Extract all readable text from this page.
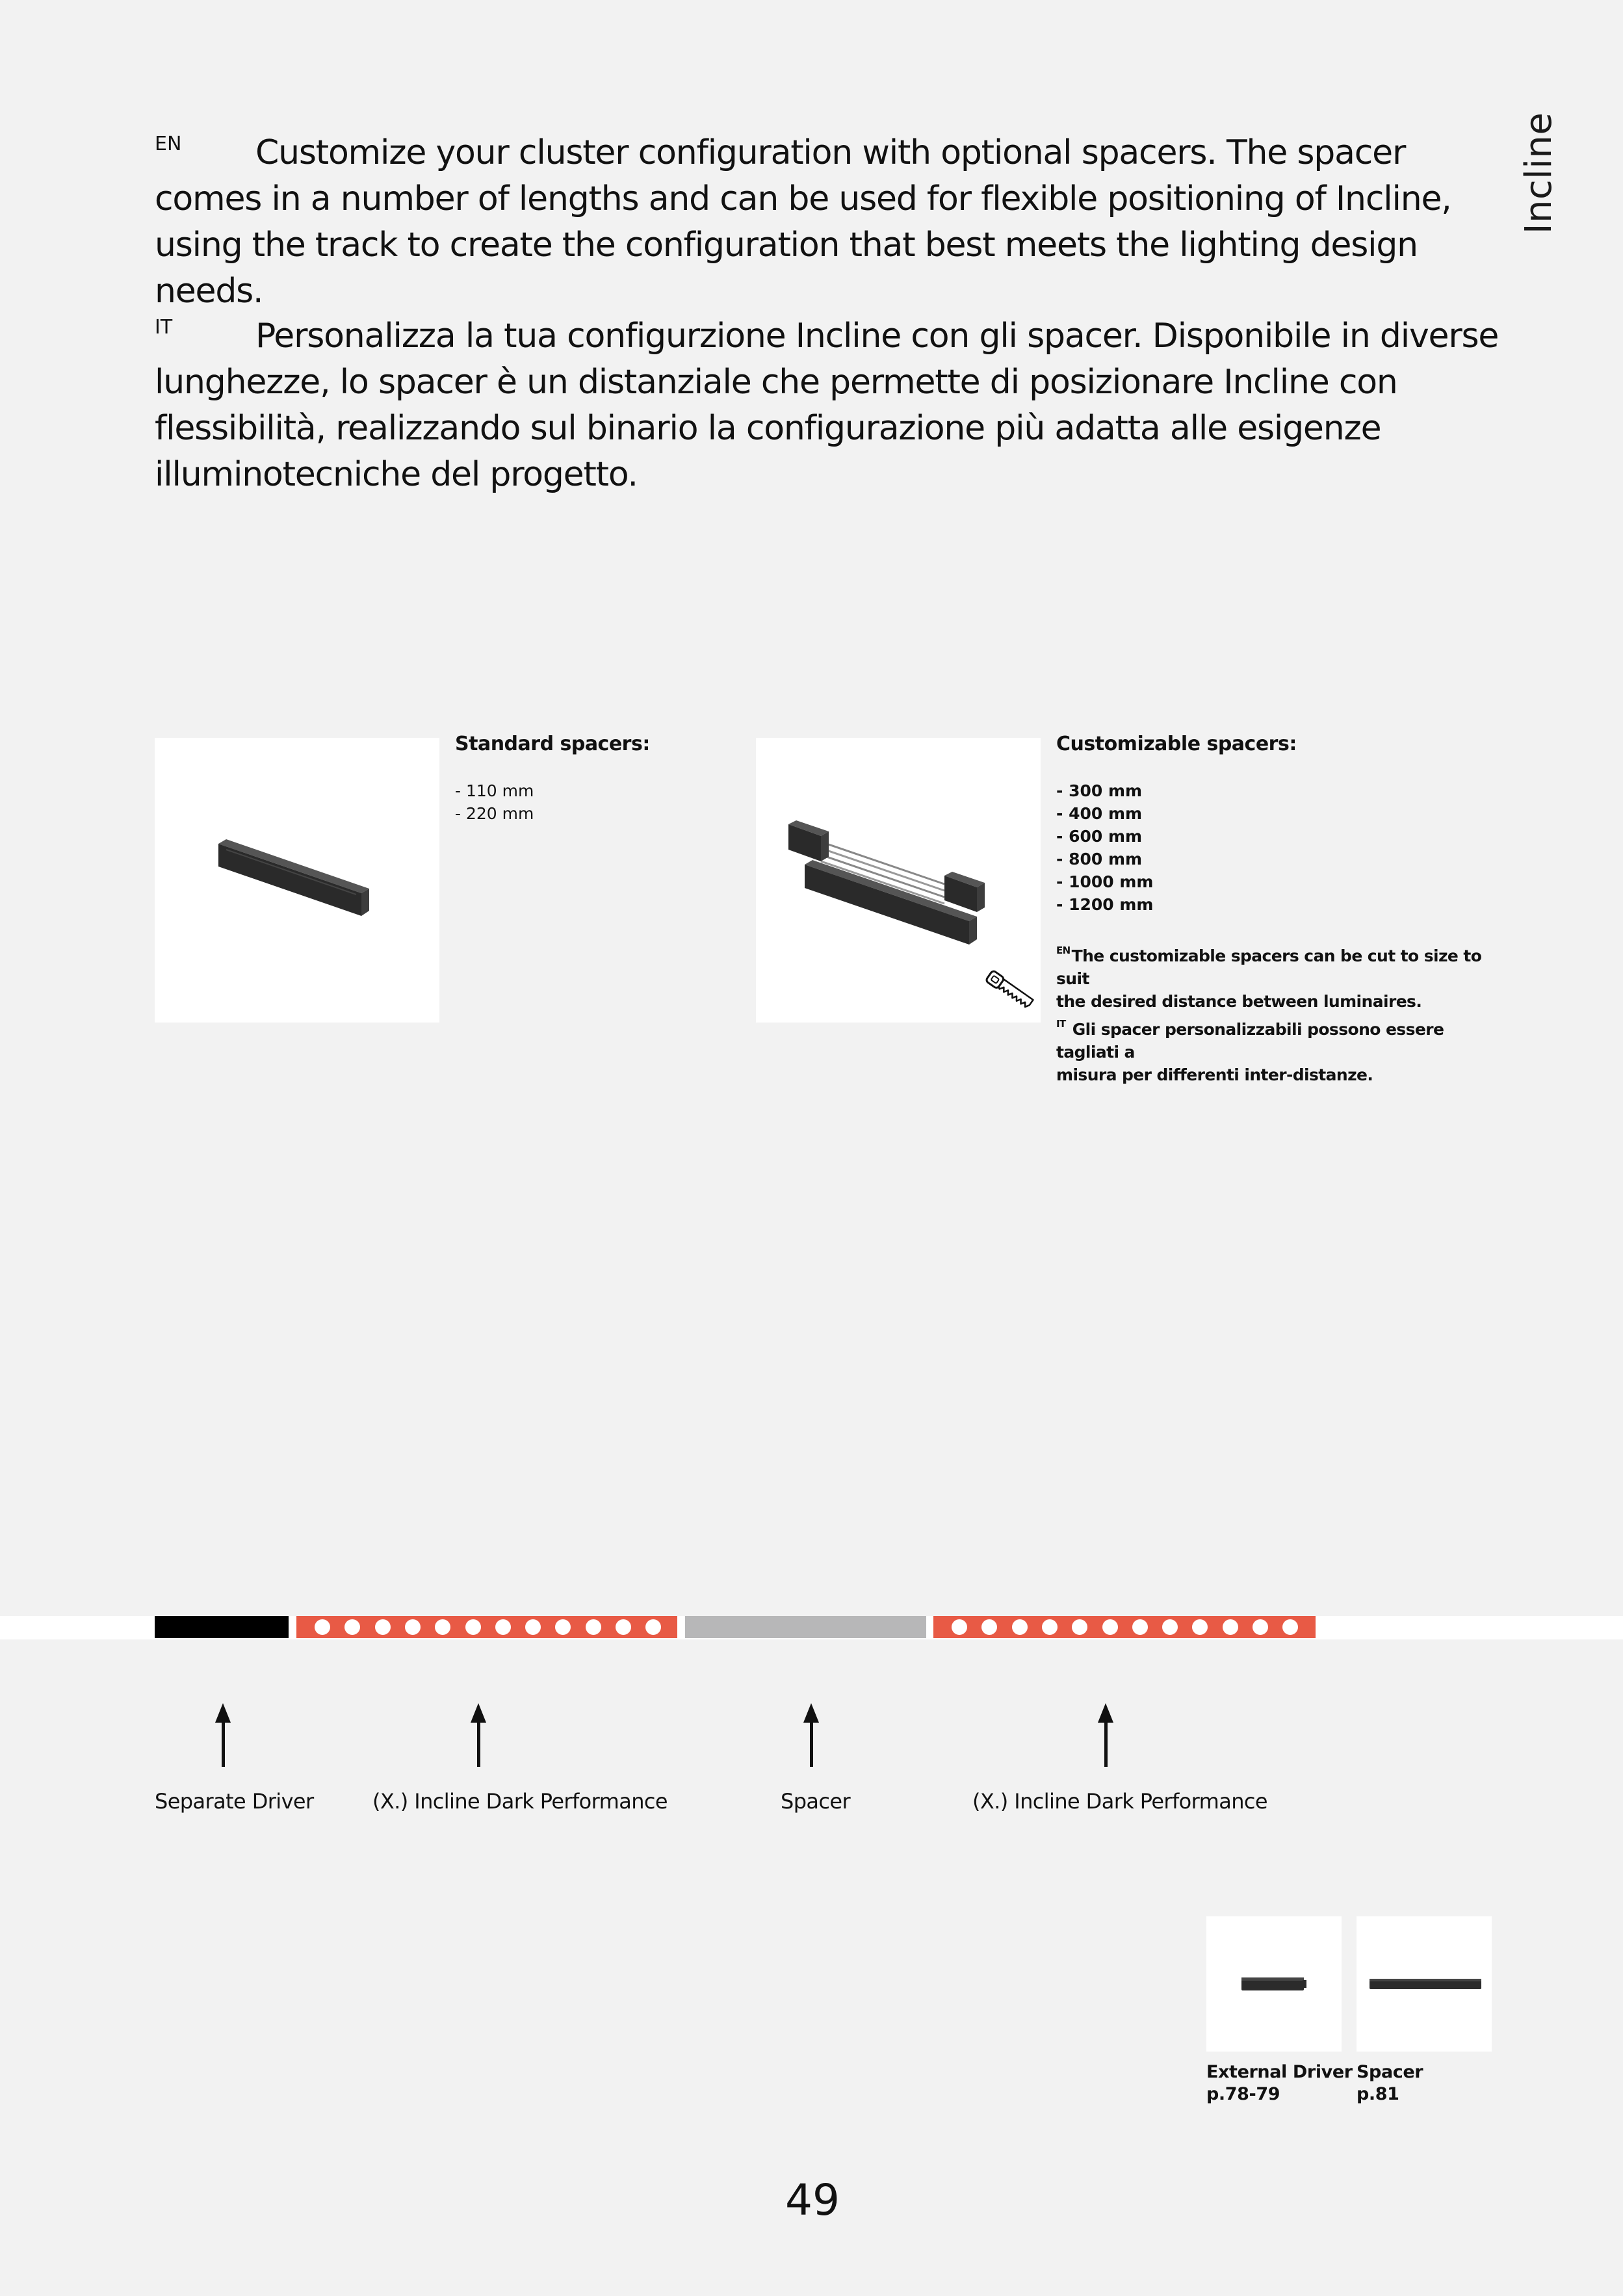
Incline

EN Customize your cluster configuration with optional spacers. The spacer comes in a number of lengths and can be used for flexible positioning of Incline, using the track to create the configuration that best meets the lighting design needs.

IT Personalizza la tua configurzione Incline con gli spacer. Disponibile in diverse lunghezze, lo spacer è un distanziale che permette di posizionare Incline con flessibilità, realizzando sul binario la configurazione più adatta alle esigenze illuminotecniche del progetto.

Standard spacers:
- 110 mm
- 220 mm
Customizable spacers:
- 300 mm
- 400 mm
- 600 mm
- 800 mm
- 1000 mm
- 1200 mm
$^{EN}$The customizable spacers can be cut to size to suit
the desired distance between luminaires.
$^{IT}$ Gli spacer personalizzabili possono essere tagliati a
misura per differenti inter-distanze.
Separate Driver	(X.) Incline Dark Performance	Spacer	(X.) Incline Dark Performance
External Driver
p.78-79
Spacer
p.81
49
